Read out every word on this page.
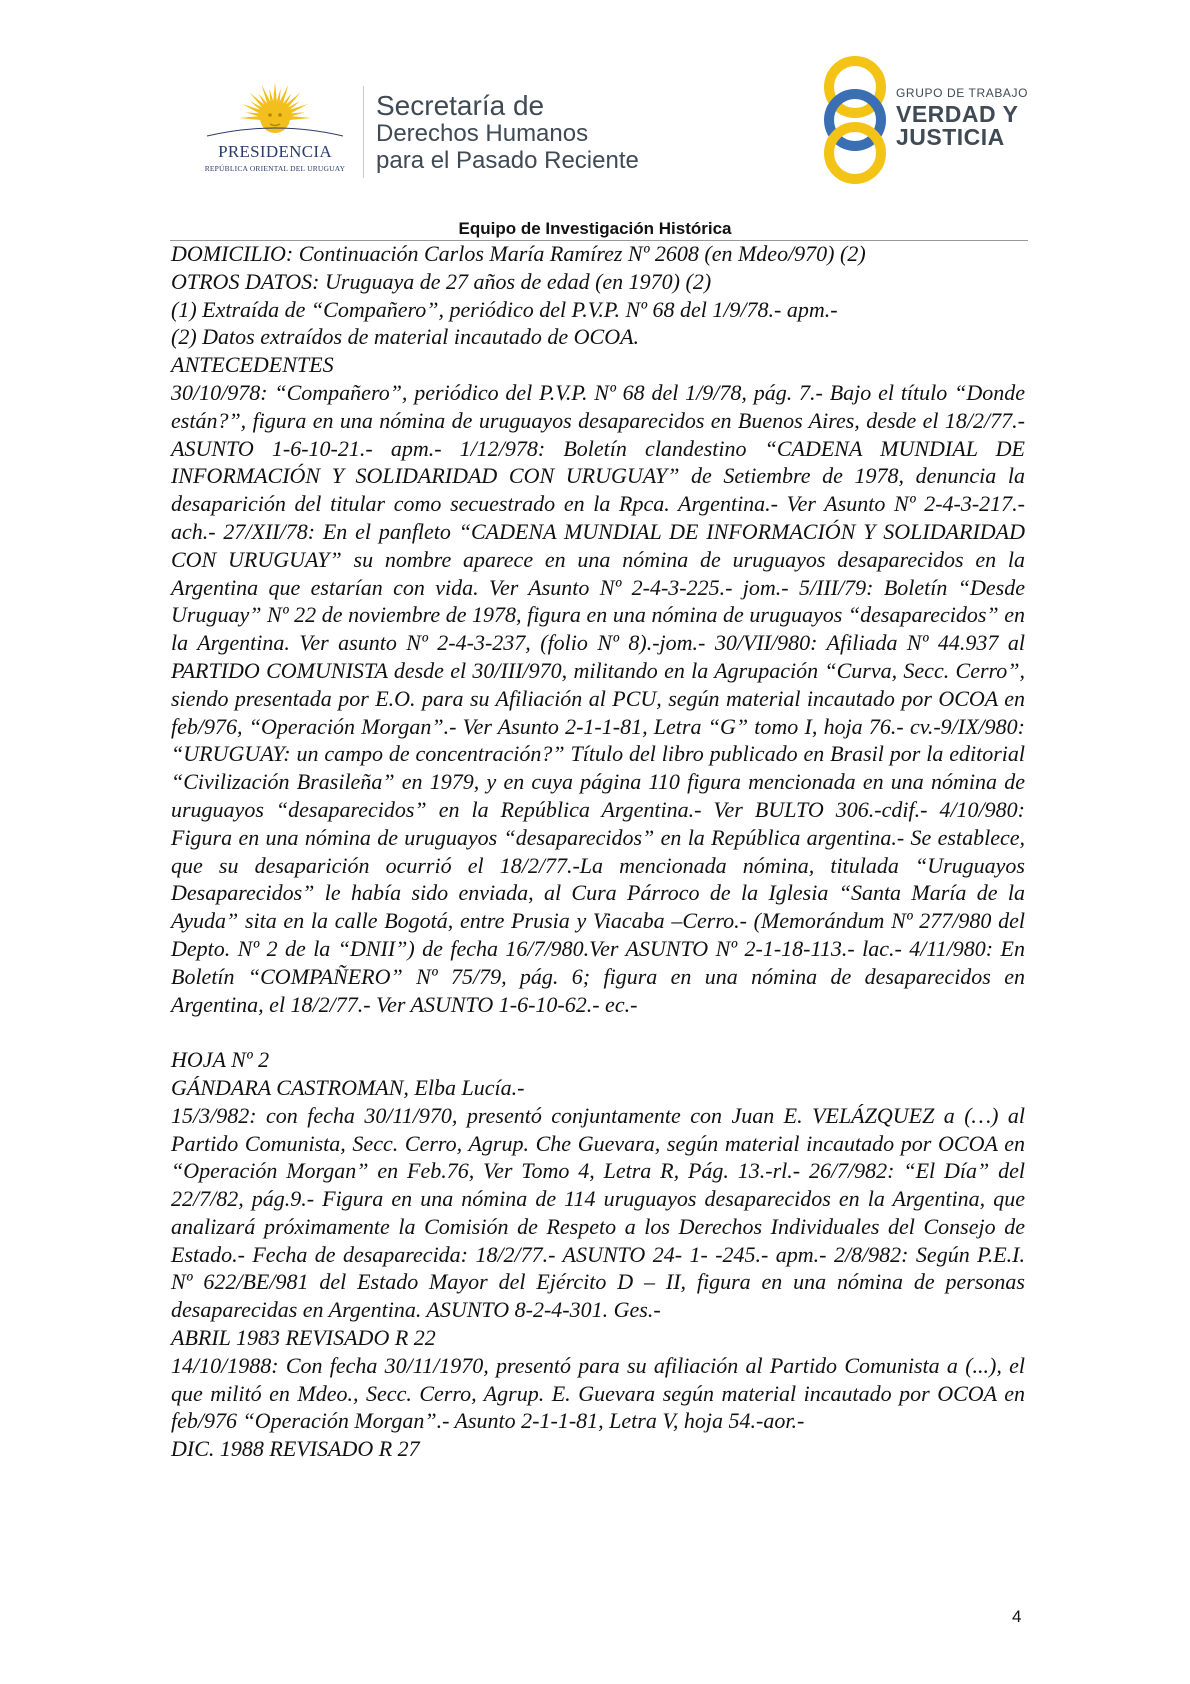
PRESIDENCIA
REPÚBLICA ORIENTAL DEL URUGUAY
Secretaría de
Derechos Humanos
para el Pasado Reciente
GRUPO DE TRABAJO
VERDAD Y
JUSTICIA
Equipo de Investigación Histórica

DOMICILIO: Continuación Carlos María Ramírez Nº 2608 (en Mdeo/970) (2)

OTROS DATOS: Uruguaya de 27 años de edad (en 1970) (2)

(1) Extraída de “Compañero”, periódico del P.V.P. Nº 68 del 1/9/78.- apm.-

(2) Datos extraídos de material incautado de OCOA.

ANTECEDENTES

30/10/978: “Compañero”, periódico del P.V.P. Nº 68 del 1/9/78, pág. 7.- Bajo el título “Donde están?”, figura en una nómina de uruguayos desaparecidos en Buenos Aires, desde el 18/2/77.- ASUNTO 1-6-10-21.- apm.- 1/12/978: Boletín clandestino “CADENA MUNDIAL DE INFORMACIÓN Y SOLIDARIDAD CON URUGUAY” de Setiembre de 1978, denuncia la desaparición del titular como secuestrado en la Rpca. Argentina.- Ver Asunto Nº 2-4-3-217.- ach.- 27/XII/78: En el panfleto “CADENA MUNDIAL DE INFORMACIÓN Y SOLIDARIDAD CON URUGUAY” su nombre aparece en una nómina de uruguayos desaparecidos en la Argentina que estarían con vida. Ver Asunto Nº 2-4-3-225.- jom.- 5/III/79: Boletín “Desde Uruguay” Nº 22 de noviembre de 1978, figura en una nómina de uruguayos “desaparecidos” en la Argentina. Ver asunto Nº 2-4-3-237, (folio Nº 8).-jom.- 30/VII/980: Afiliada Nº 44.937 al PARTIDO COMUNISTA desde el 30/III/970, militando en la Agrupación “Curva, Secc. Cerro”, siendo presentada por E.O. para su Afiliación al PCU, según material incautado por OCOA en feb/976, “Operación Morgan”.- Ver Asunto 2-1-1-81, Letra “G” tomo I, hoja 76.- cv.-9/IX/980: “URUGUAY: un campo de concentración?” Título del libro publicado en Brasil por la editorial “Civilización Brasileña” en 1979, y en cuya página 110 figura mencionada en una nómina de uruguayos “desaparecidos” en la República Argentina.- Ver BULTO 306.-cdif.- 4/10/980: Figura en una nómina de uruguayos “desaparecidos” en la República argentina.- Se establece, que su desaparición ocurrió el 18/2/77.-La mencionada nómina, titulada “Uruguayos Desaparecidos” le había sido enviada, al Cura Párroco de la Iglesia “Santa María de la Ayuda” sita en la calle Bogotá, entre Prusia y Viacaba –Cerro.- (Memorándum Nº 277/980 del Depto. Nº 2 de la “DNII”) de fecha 16/7/980.Ver ASUNTO Nº 2-1-18-113.- lac.- 4/11/980: En Boletín “COMPAÑERO” Nº 75/79, pág. 6; figura en una nómina de desaparecidos en Argentina, el 18/2/77.- Ver ASUNTO 1-6-10-62.- ec.-

HOJA Nº 2

GÁNDARA CASTROMAN, Elba Lucía.-

15/3/982: con fecha 30/11/970, presentó conjuntamente con Juan E. VELÁZQUEZ a (…) al Partido Comunista, Secc. Cerro, Agrup. Che Guevara, según material incautado por OCOA en “Operación Morgan” en Feb.76, Ver Tomo 4, Letra R, Pág. 13.-rl.- 26/7/982: “El Día” del 22/7/82, pág.9.- Figura en una nómina de 114 uruguayos desaparecidos en la Argentina, que analizará próximamente la Comisión de Respeto a los Derechos Individuales del Consejo de Estado.- Fecha de desaparecida: 18/2/77.- ASUNTO 24- 1- -245.- apm.- 2/8/982: Según P.E.I. Nº 622/BE/981 del Estado Mayor del Ejército D – II, figura en una nómina de personas desaparecidas en Argentina. ASUNTO 8-2-4-301. Ges.-

ABRIL 1983 REVISADO R 22

14/10/1988: Con fecha 30/11/1970, presentó para su afiliación al Partido Comunista a (...), el que militó en Mdeo., Secc. Cerro, Agrup. E. Guevara según material incautado por OCOA en feb/976 “Operación Morgan”.- Asunto 2-1-1-81, Letra V, hoja 54.-aor.-

DIC. 1988 REVISADO R 27

4
